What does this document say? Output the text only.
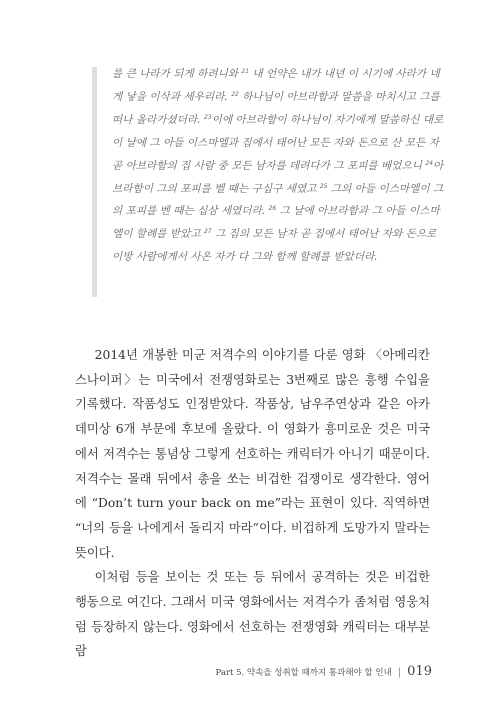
를 큰 나라가 되게 하려니와 $^{21}$ 내 언약은 내가 내년 이 시기에 사라가 네게 낳을 이삭과 세우리라. $^{22}$ 하나님이 아브라함과 말씀을 마치시고 그를 떠나 올라가셨더라. $^{23}$이에 아브라함이 하나님이 자기에게 말씀하신 대로 이 날에 그 아들 이스마엘과 집에서 태어난 모든 자와 돈으로 산 모든 자 곧 아브라함의 집 사람 중 모든 남자를 데려다가 그 포피를 베었으니 $^{24}$아브라함이 그의 포피를 벨 때는 구십구 세였고 $^{25}$ 그의 아들 이스마엘이 그의 포피를 벤 때는 십삼 세였더라. $^{26}$ 그 날에 아브라함과 그 아들 이스마엘이 할례를 받았고 $^{27}$ 그 집의 모든 남자 곧 집에서 태어난 자와 돈으로 이방 사람에게서 사온 자가 다 그와 함께 할례를 받았더라.

2014년 개봉한 미군 저격수의 이야기를 다룬 영화 〈아메리칸 스나이퍼〉는 미국에서 전쟁영화로는 3번째로 많은 흥행 수입을 기록했다. 작품성도 인정받았다. 작품상, 남우주연상과 같은 아카데미상 6개 부문에 후보에 올랐다. 이 영화가 흥미로운 것은 미국에서 저격수는 통념상 그렇게 선호하는 캐릭터가 아니기 때문이다. 저격수는 몰래 뒤에서 총을 쏘는 비겁한 겁쟁이로 생각한다. 영어에 “Don’t turn your back on me”라는 표현이 있다. 직역하면 “너의 등을 나에게서 돌리지 마라”이다. 비겁하게 도망가지 말라는 뜻이다.

이처럼 등을 보이는 것 또는 등 뒤에서 공격하는 것은 비겁한 행동으로 여긴다. 그래서 미국 영화에서는 저격수가 좀처럼 영웅처럼 등장하지 않는다. 영화에서 선호하는 전쟁영화 캐릭터는 대부분 람

Part 5. 약속을 성취할 때까지 통과해야 할 인내 | 019
